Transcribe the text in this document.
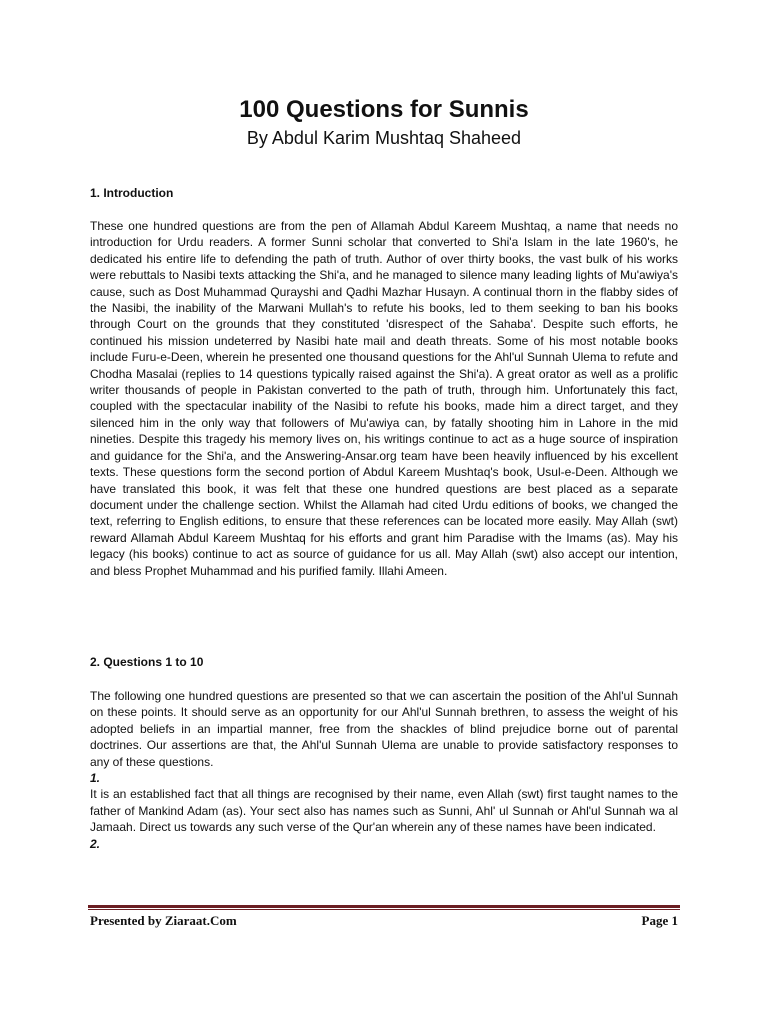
100 Questions for Sunnis
By Abdul Karim Mushtaq Shaheed
1. Introduction

These one hundred questions are from the pen of Allamah Abdul Kareem Mushtaq, a name that needs no introduction for Urdu readers. A former Sunni scholar that converted to Shi'a Islam in the late 1960's, he dedicated his entire life to defending the path of truth. Author of over thirty books, the vast bulk of his works were rebuttals to Nasibi texts attacking the Shi'a, and he managed to silence many leading lights of Mu'awiya's cause, such as Dost Muhammad Qurayshi and Qadhi Mazhar Husayn. A continual thorn in the flabby sides of the Nasibi, the inability of the Marwani Mullah's to refute his books, led to them seeking to ban his books through Court on the grounds that they constituted 'disrespect of the Sahaba'. Despite such efforts, he continued his mission undeterred by Nasibi hate mail and death threats. Some of his most notable books include Furu-e-Deen, wherein he presented one thousand questions for the Ahl'ul Sunnah Ulema to refute and Chodha Masalai (replies to 14 questions typically raised against the Shi'a). A great orator as well as a prolific writer thousands of people in Pakistan converted to the path of truth, through him. Unfortunately this fact, coupled with the spectacular inability of the Nasibi to refute his books, made him a direct target, and they silenced him in the only way that followers of Mu'awiya can, by fatally shooting him in Lahore in the mid nineties. Despite this tragedy his memory lives on, his writings continue to act as a huge source of inspiration and guidance for the Shi'a, and the Answering-Ansar.org team have been heavily influenced by his excellent texts. These questions form the second portion of Abdul Kareem Mushtaq's book, Usul-e-Deen. Although we have translated this book, it was felt that these one hundred questions are best placed as a separate document under the challenge section. Whilst the Allamah had cited Urdu editions of books, we changed the text, referring to English editions, to ensure that these references can be located more easily. May Allah (swt) reward Allamah Abdul Kareem Mushtaq for his efforts and grant him Paradise with the Imams (as). May his legacy (his books) continue to act as source of guidance for us all. May Allah (swt) also accept our intention, and bless Prophet Muhammad and his purified family. Illahi Ameen.

2. Questions 1 to 10

The following one hundred questions are presented so that we can ascertain the position of the Ahl'ul Sunnah on these points. It should serve as an opportunity for our Ahl'ul Sunnah brethren, to assess the weight of his adopted beliefs in an impartial manner, free from the shackles of blind prejudice borne out of parental doctrines. Our assertions are that, the Ahl'ul Sunnah Ulema are unable to provide satisfactory responses to any of these questions.

1.

It is an established fact that all things are recognised by their name, even Allah (swt) first taught names to the father of Mankind Adam (as). Your sect also has names such as Sunni, Ahl' ul Sunnah or Ahl'ul Sunnah wa al Jamaah. Direct us towards any such verse of the Qur'an wherein any of these names have been indicated.

2.

Presented by Ziaraat.Com	Page 1
